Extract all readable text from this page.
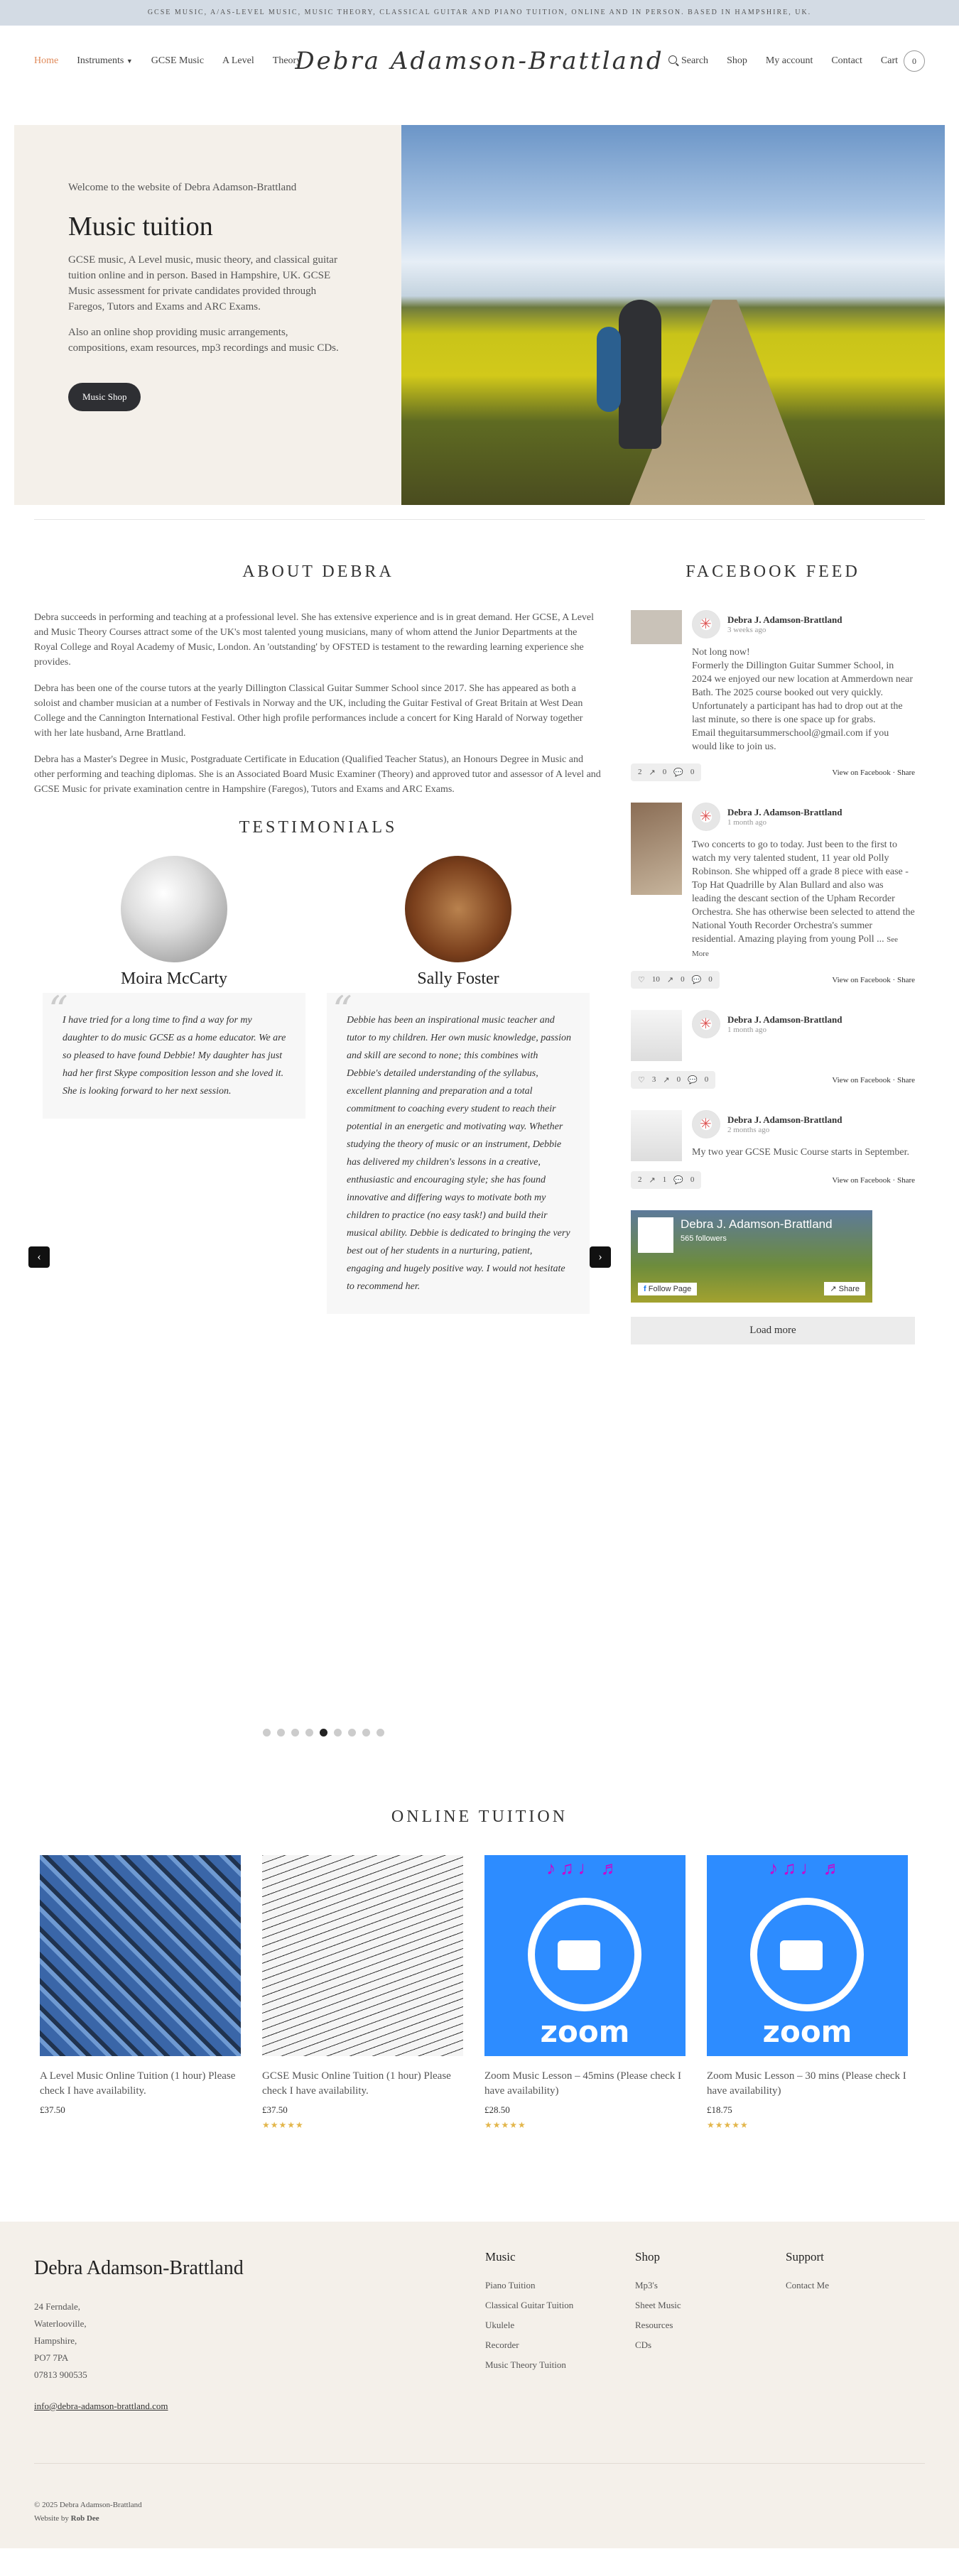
GCSE MUSIC, A/AS-LEVEL MUSIC, MUSIC THEORY, CLASSICAL GUITAR AND PIANO TUITION, ONLINE AND IN PERSON. BASED IN HAMPSHIRE, UK.
Home Instruments ▼ GCSE Music A Level Theory
Debra Adamson-Brattland	Search Shop My account Contact Cart	0
Welcome to the website of Debra Adamson-Brattland
Music tuition

GCSE music, A Level music, music theory, and classical guitar tuition online and in person. Based in Hampshire, UK. GCSE Music assessment for private candidates provided through Faregos, Tutors and Exams and ARC Exams.

Also an online shop providing music arrangements, compositions, exam resources, mp3 recordings and music CDs.

Music Shop
ABOUT DEBRA

Debra succeeds in performing and teaching at a professional level. She has extensive experience and is in great demand. Her GCSE, A Level and Music Theory Courses attract some of the UK's most talented young musicians, many of whom attend the Junior Departments at the Royal College and Royal Academy of Music, London. An 'outstanding' by OFSTED is testament to the rewarding learning experience she provides.

Debra has been one of the course tutors at the yearly Dillington Classical Guitar Summer School since 2017. She has appeared as both a soloist and chamber musician at a number of Festivals in Norway and the UK, including the Guitar Festival of Great Britain at West Dean College and the Cannington International Festival. Other high profile performances include a concert for King Harald of Norway together with her late husband, Arne Brattland.

Debra has a Master's Degree in Music, Postgraduate Certificate in Education (Qualified Teacher Status), an Honours Degree in Music and other performing and teaching diplomas. She is an Associated Board Music Examiner (Theory) and approved tutor and assessor of A level and GCSE Music for private examination centre in Hampshire (Faregos), Tutors and Exams and ARC Exams.

TESTIMONIALS
Moira McCarty
“
I have tried for a long time to find a way for my daughter to do music GCSE as a home educator. We are so pleased to have found Debbie! My daughter has just had her first Skype composition lesson and she loved it. She is looking forward to her next session.
Sally Foster
“
Debbie has been an inspirational music teacher and tutor to my children. Her own music knowledge, passion and skill are second to none; this combines with Debbie's detailed understanding of the syllabus, excellent planning and preparation and a total commitment to coaching every student to reach their potential in an energetic and motivating way. Whether studying the theory of music or an instrument, Debbie has delivered my children's lessons in a creative, enthusiastic and encouraging style; she has found innovative and differing ways to motivate both my children to practice (no easy task!) and build their musical ability. Debbie is dedicated to bringing the very best out of her students in a nurturing, patient, engaging and hugely positive way. I would not hesitate to recommend her.
‹	›
FACEBOOK FEED
✳
Debra J. Adamson-Brattland
3 weeks ago
Not long now!
Formerly the Dillington Guitar Summer School, in 2024 we enjoyed our new location at Ammerdown near Bath. The 2025 course booked out very quickly. Unfortunately a participant has had to drop out at the last minute, so there is one space up for grabs.
Email theguitarsummerschool@gmail.com if you would like to join us.
2 ↗ 0 💬 0	View on Facebook · Share
✳
Debra J. Adamson-Brattland
1 month ago
Two concerts to go to today. Just been to the first to watch my very talented student, 11 year old Polly Robinson. She whipped off a grade 8 piece with ease - Top Hat Quadrille by Alan Bullard and also was leading the descant section of the Upham Recorder Orchestra. She has otherwise been selected to attend the National Youth Recorder Orchestra's summer residential. Amazing playing from young Poll ... See More
♡ 10 ↗ 0 💬 0	View on Facebook · Share
✳
Debra J. Adamson-Brattland
1 month ago
♡ 3 ↗ 0 💬 0	View on Facebook · Share
✳
Debra J. Adamson-Brattland
2 months ago
My two year GCSE Music Course starts in September.
2 ↗ 1 💬 0	View on Facebook · Share
Debra J. Adamson-Brattland
565 followers
f Follow Page	↗ Share
Load more
ONLINE TUITION
A Level Music Online Tuition (1 hour) Please check I have availability.
£37.50
GCSE Music Online Tuition (1 hour) Please check I have availability.
£37.50
★★★★★
♪♫♩♬
zoom
Zoom Music Lesson – 45mins (Please check I have availability)
£28.50
★★★★★
♪♫♩♬
zoom
Zoom Music Lesson – 30 mins (Please check I have availability)
£18.75
★★★★★
Debra Adamson-Brattland
24 Ferndale,
Waterlooville,
Hampshire,
PO7 7PA
07813 900535
info@debra-adamson-brattland.com
Music
Piano Tuition
Classical Guitar Tuition
Ukulele
Recorder
Music Theory Tuition
Shop
Mp3's
Sheet Music
Resources
CDs
Support
Contact Me
© 2025 Debra Adamson-Brattland
Website by Rob Dee
